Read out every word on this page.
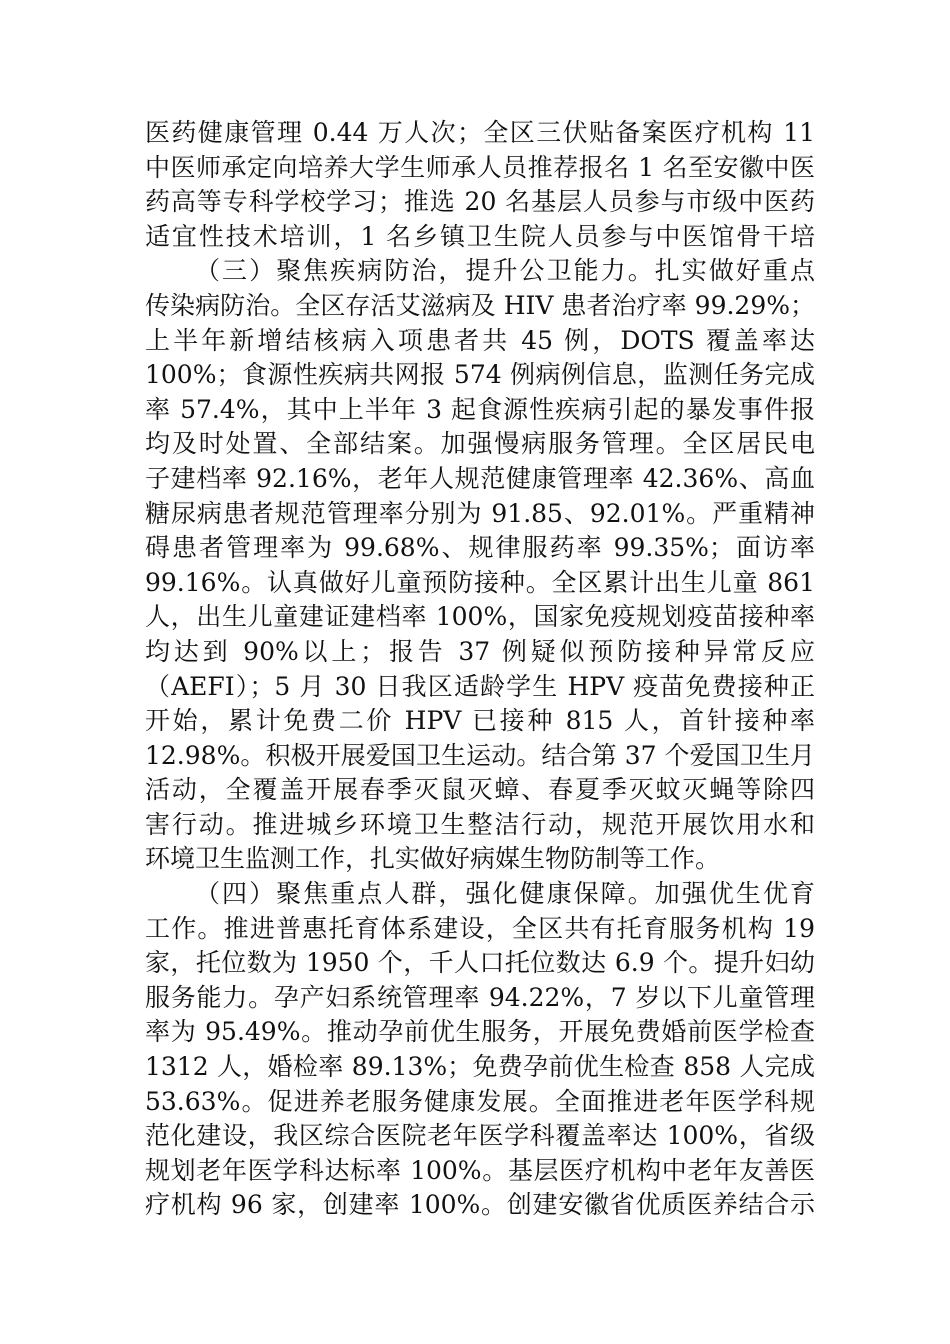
医药健康管理 0.44 万人次；全区三伏贴备案医疗机构 11
中医师承定向培养大学生师承人员推荐报名 1 名至安徽中医
药高等专科学校学习；推选 20 名基层人员参与市级中医药
适宜性技术培训，1 名乡镇卫生院人员参与中医馆骨干培
（三）聚焦疾病防治，提升公卫能力。扎实做好重点
传染病防治。全区存活艾滋病及 HIV 患者治疗率 99.29%；
上半年新增结核病入项患者共 45 例，DOTS 覆盖率达
100%；食源性疾病共网报 574 例病例信息，监测任务完成
率 57.4%，其中上半年 3 起食源性疾病引起的暴发事件报
均及时处置、全部结案。加强慢病服务管理。全区居民电
子建档率 92.16%，老年人规范健康管理率 42.36%、高血
糖尿病患者规范管理率分别为 91.85、92.01%。严重精神
碍患者管理率为 99.68%、规律服药率 99.35%；面访率
99.16%。认真做好儿童预防接种。全区累计出生儿童 861
人，出生儿童建证建档率 100%，国家免疫规划疫苗接种率
均达到 90%以上；报告 37 例疑似预防接种异常反应
（AEFI）；5 月 30 日我区适龄学生 HPV 疫苗免费接种正
开始，累计免费二价 HPV 已接种 815 人，首针接种率
12.98%。积极开展爱国卫生运动。结合第 37 个爱国卫生月
活动，全覆盖开展春季灭鼠灭蟑、春夏季灭蚊灭蝇等除四
害行动。推进城乡环境卫生整洁行动，规范开展饮用水和
环境卫生监测工作，扎实做好病媒生物防制等工作。
（四）聚焦重点人群，强化健康保障。加强优生优育
工作。推进普惠托育体系建设，全区共有托育服务机构 19
家，托位数为 1950 个，千人口托位数达 6.9 个。提升妇幼
服务能力。孕产妇系统管理率 94.22%，7 岁以下儿童管理
率为 95.49%。推动孕前优生服务，开展免费婚前医学检查
1312 人，婚检率 89.13%；免费孕前优生检查 858 人完成
53.63%。促进养老服务健康发展。全面推进老年医学科规
范化建设，我区综合医院老年医学科覆盖率达 100%，省级
规划老年医学科达标率 100%。基层医疗机构中老年友善医
疗机构 96 家，创建率 100%。创建安徽省优质医养结合示
